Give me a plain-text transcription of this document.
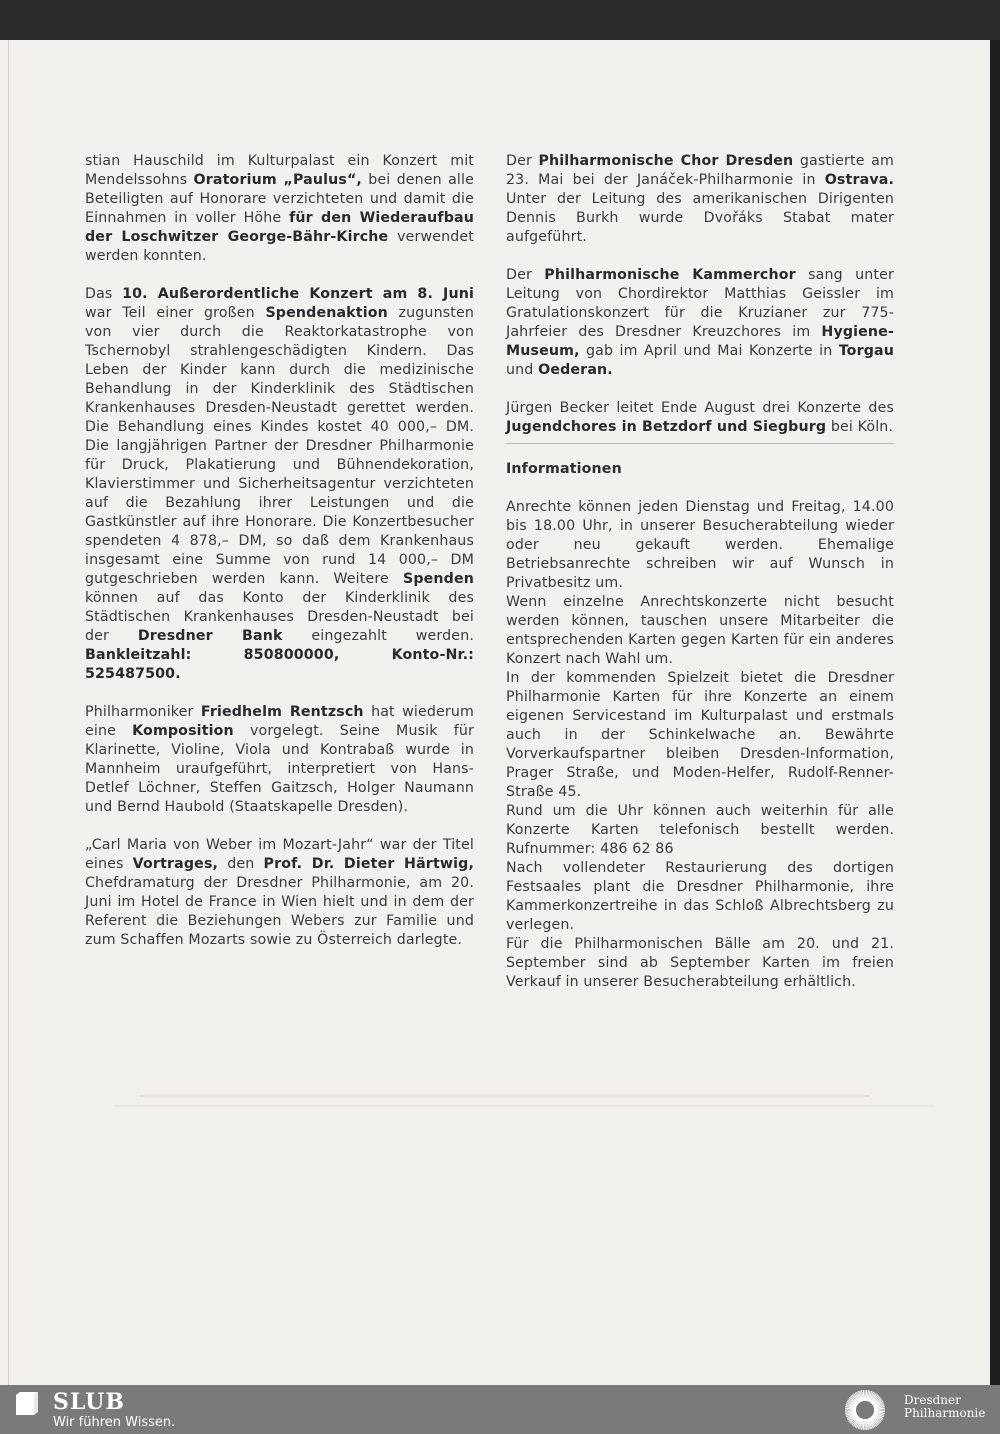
stian Hauschild im Kulturpalast ein Konzert mit Mendelssohns Oratorium „Paulus“, bei denen alle Beteiligten auf Honorare verzichteten und damit die Einnahmen in voller Höhe für den Wiederaufbau der Loschwitzer George-Bähr-Kirche verwendet werden konnten.

Das 10. Außerordentliche Konzert am 8. Juni war Teil einer großen Spendenaktion zugunsten von vier durch die Reaktorkatastrophe von Tschernobyl strahlengeschädigten Kindern. Das Leben der Kinder kann durch die medizinische Behandlung in der Kinderklinik des Städtischen Krankenhauses Dresden-Neustadt gerettet werden. Die Behandlung eines Kindes kostet 40 000,– DM. Die langjährigen Partner der Dresdner Philharmonie für Druck, Plakatierung und Bühnendekoration, Klavierstimmer und Sicherheitsagentur verzichteten auf die Bezahlung ihrer Leistungen und die Gastkünstler auf ihre Honorare. Die Konzertbesucher spendeten 4 878,– DM, so daß dem Krankenhaus insgesamt eine Summe von rund 14 000,– DM gutgeschrieben werden kann. Weitere Spenden können auf das Konto der Kinderklinik des Städtischen Krankenhauses Dresden-Neustadt bei der Dresdner Bank eingezahlt werden. Bankleitzahl: 850800000, Konto-Nr.: 525487500.

Philharmoniker Friedhelm Rentzsch hat wiederum eine Komposition vorgelegt. Seine Musik für Klarinette, Violine, Viola und Kontrabaß wurde in Mannheim uraufgeführt, interpretiert von Hans-Detlef Löchner, Steffen Gaitzsch, Holger Naumann und Bernd Haubold (Staatskapelle Dresden).

„Carl Maria von Weber im Mozart-Jahr“ war der Titel eines Vortrages, den Prof. Dr. Dieter Härtwig, Chefdramaturg der Dresdner Philharmonie, am 20. Juni im Hotel de France in Wien hielt und in dem der Referent die Beziehungen Webers zur Familie und zum Schaffen Mozarts sowie zu Österreich darlegte.

Der Philharmonische Chor Dresden gastierte am 23. Mai bei der Janáček-Philharmonie in Ostrava. Unter der Leitung des amerikanischen Dirigenten Dennis Burkh wurde Dvořáks Stabat mater aufgeführt.

Der Philharmonische Kammerchor sang unter Leitung von Chordirektor Matthias Geissler im Gratulationskonzert für die Kruzianer zur 775-Jahrfeier des Dresdner Kreuzchores im Hygiene-Museum, gab im April und Mai Konzerte in Torgau und Oederan.

Jürgen Becker leitet Ende August drei Konzerte des Jugendchores in Betzdorf und Siegburg bei Köln.

Informationen

Anrechte können jeden Dienstag und Freitag, 14.00 bis 18.00 Uhr, in unserer Besucherabteilung wieder oder neu gekauft werden. Ehemalige Betriebsanrechte schreiben wir auf Wunsch in Privatbesitz um.

Wenn einzelne Anrechtskonzerte nicht besucht werden können, tauschen unsere Mitarbeiter die entsprechenden Karten gegen Karten für ein anderes Konzert nach Wahl um.

In der kommenden Spielzeit bietet die Dresdner Philharmonie Karten für ihre Konzerte an einem eigenen Servicestand im Kulturpalast und erstmals auch in der Schinkelwache an. Bewährte Vorverkaufspartner bleiben Dresden-Information, Prager Straße, und Moden-Helfer, Rudolf-Renner-Straße 45.

Rund um die Uhr können auch weiterhin für alle Konzerte Karten telefonisch bestellt werden. Rufnummer: 486 62 86

Nach vollendeter Restaurierung des dortigen Festsaales plant die Dresdner Philharmonie, ihre Kammerkonzertreihe in das Schloß Albrechtsberg zu verlegen.

Für die Philharmonischen Bälle am 20. und 21. September sind ab September Karten im freien Verkauf in unserer Besucherabteilung erhältlich.

SLUB
Wir führen Wissen.
Dresdner
Philharmonie
